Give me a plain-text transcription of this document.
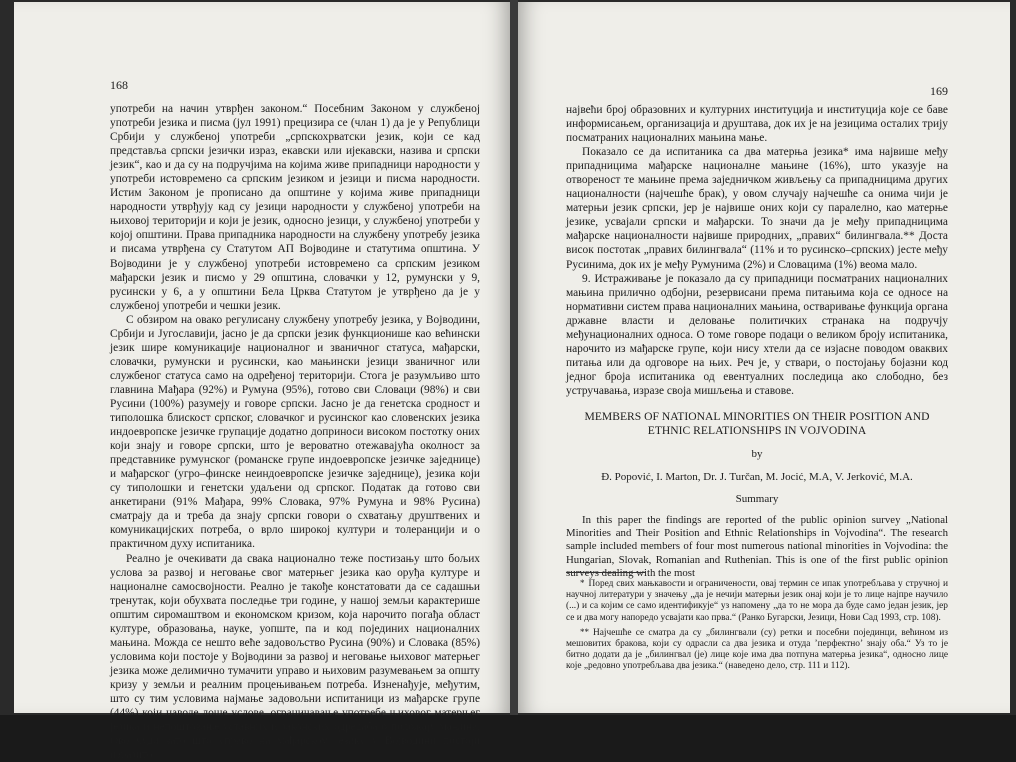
168

употреби на начин утврђен законом.“ Посебним Законом у службеној употреби језика и писма (јул 1991) прецизира се (члан 1) да је у Републици Србији у службеној употреби „српскохрватски језик, који се кад представља српски језички израз, екавски или ијекавски, назива и српски језик“, као и да су на подручјима на којима живе припадници народности у употреби истовремено са српским језиком и језици и писма народности. Истим Законом је прописано да општине у којима живе припадници народности утврђују кад су језици народности у службеној употреби на њиховој територији и који је језик, односно језици, у службеној употреби у којој општини. Права припадника народности на службену употребу језика и писама утврђена су Статутом АП Војводине и статутима општина. У Војводини је у службеној употреби истовремено са српским језиком мађарски језик и писмо у 29 општина, словачки у 12, румунски у 9, русински у 6, а у општини Бела Црква Статутом је утврђено да је у службеној употреби и чешки језик.

С обзиром на овако регулисану службену употребу језика, у Војводини, Србији и Југославији, јасно је да српски језик функционише као већински језик шире комуникације националног и званичног статуса, мађарски, словачки, румунски и русински, као мањински језици званичног или службеног статуса само на одређеној територији. Стога је разумљиво што главнина Мађара (92%) и Румуна (95%), готово сви Словаци (98%) и сви Русини (100%) разумеју и говоре српски. Јасно је да генетска сродност и типолошка блискост српског, словачког и русинског као словенских језика индоевропске језичке групације додатно доприноси високом постотку оних који знају и говоре српски, што је вероватно отежавајућа околност за представнике румунског (романске групе индоевропске језичке заједнице) и мађарског (угро–финске неиндоевропске језичке заједнице), језика који су типолошки и генетски удаљени од српског. Податак да готово сви анкетирани (91% Мађара, 99% Словака, 97% Румуна и 98% Русина) сматрају да и треба да знају српски говори о схватању друштвених и комуникацијских потреба, о врло широкој култури и толеранцији и о практичном духу испитаника.

Реално је очекивати да свака национално теже постизању што бољих услова за развој и неговање свог матерњег језика као оруђа културе и националне самосвојности. Реално је такође констатовати да се садашњи тренутак, који обухвата последње три године, у нашој земљи карактерише општим сиромаштвом и економском кризом, која нарочито погађа област културе, образовања, науке, уопште, па и код појединих националних мањина. Можда се нешто веће задовољство Русина (90%) и Словака (85%) условима који постоје у Војводини за развој и неговање њиховог матерњег језика може делимично тумачити управо и њиховим разумевањем за општу кризу у земљи и реалним процењивањем потреба. Изненађује, међутим, што су тим условима најмање задовољни испитаници из мађарске групе (44%) који наводе лоше услове, ограничавање употребе њиховог матерњег језика и непоштовање уставних и законских одредаба о положају мањина. Ово чуди зато што управо на мађарском језику у Војводини постоји изразито

169

највећи број образовних и културних институција и институција које се баве информисањем, организација и друштава, док их је на језицима осталих трију посматраних националних мањина мање.

Показало се да испитаника са два матерња језика* има највише међу припадницима мађарске националне мањине (16%), што указује на отвореност те мањине према заједничком живљењу са припадницима других националности (најчешће брак), у овом случају најчешће са онима чији је матерњи језик српски, јер је највише оних који су паралелно, као матерње језике, усвајали српски и мађарски. То значи да је међу припадницима мађарске националности највише природних, „правих“ билингвала.** Доста висок постотак „правих билингвала“ (11% и то русинско–српских) јесте међу Русинима, док их је међу Румунима (2%) и Словацима (1%) веома мало.

9. Истраживање је показало да су припадници посматраних националних мањина прилично одбојни, резервисани према питањима која се односе на нормативни систем права националних мањина, остваривање функција органа државне власти и деловање политичких странака на подручју међунационалних односа. О томе говоре подаци о великом броју испитаника, нарочито из мађарске групе, који нису хтели да се изјасне поводом оваквих питања или да одговоре на њих. Реч је, у ствари, о постојању бојазни код једног броја испитаника од евентуалних последица ако слободно, без устручавања, изразе своја мишљења и ставове.

MEMBERS OF NATIONAL MINORITIES ON THEIR POSITION AND ETHNIC RELATIONSHIPS IN VOJVODINA
by
Đ. Popović, I. Marton, Dr. J. Turčan, M. Jocić, M.A, V. Jerković, M.A.
Summary

In this paper the findings are reported of the public opinion survey „National Minorities and Their Position and Ethnic Relationships in Vojvodina“. The research sample included members of four most numerous national minorities in Vojvodina: the Hungarian, Slovak, Romanian and Ruthenian. This is one of the first public opinion surveys dealing with the most

* Поред свих мањкавости и ограничености, овај термин се ипак употребљава у стручној и научној литератури у значењу „да је нечији матерњи језик онај који је то лице најпре научило (...) и са којим се само идентификује“ уз напомену „да то не мора да буде само један језик, јер се и два могу напоредо усвајати као прва.“ (Ранко Бугарски, Језици, Нови Сад 1993, стр. 108).

** Најчешће се сматра да су „билингвали (су) ретки и посебни појединци, већином из мешовитих бракова, који су одрасли са два језика и отуда ’перфектно’ знају оба.“ Уз то је битно додати да је „билингвал (је) лице које има два потпуна матерња језика“, односно лице које „редовно употребљава два језика.“ (наведено дело, стр. 111 и 112).
